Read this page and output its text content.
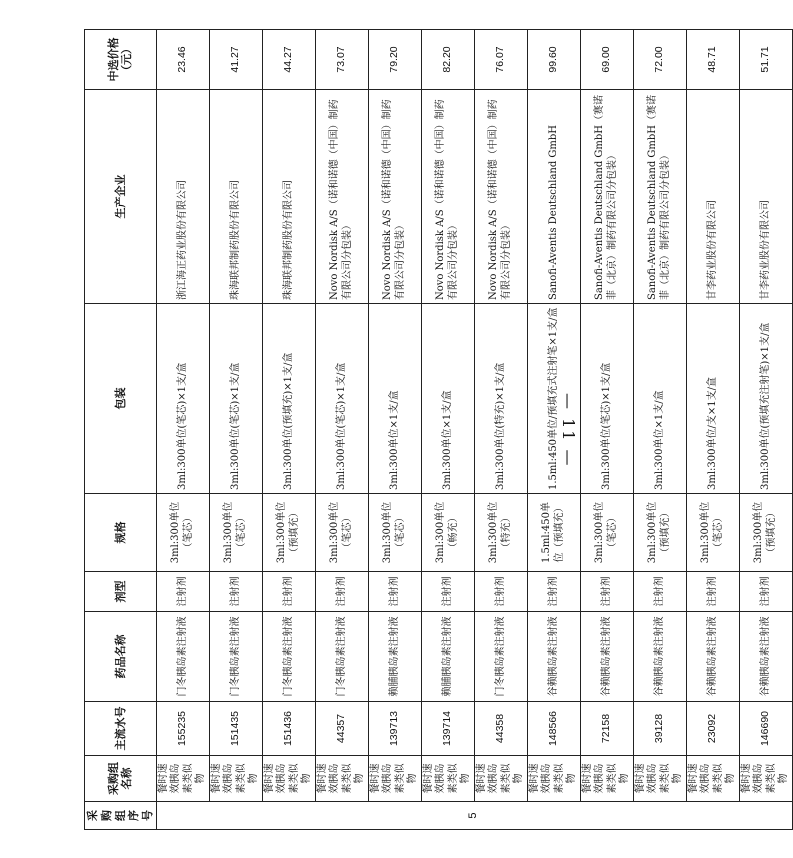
采购组序号	采购组名称	主流水号	药品名称	剂型	规格	包装	生产企业	中选价格（元）
5	餐时速效胰岛素类似物	155235	门冬胰岛素注射液	注射剂	3ml:300单位（笔芯）	3ml:300单位(笔芯)×1支/盒	浙江海正药业股份有限公司	23.46
	餐时速效胰岛素类似物	151435	门冬胰岛素注射液	注射剂	3ml:300单位（笔芯）	3ml:300单位(笔芯)×1支/盒	珠海联邦制药股份有限公司	41.27
	餐时速效胰岛素类似物	151436	门冬胰岛素注射液	注射剂	3ml:300单位（预填充）	3ml:300单位(预填充)×1支/盒	珠海联邦制药股份有限公司	44.27
	餐时速效胰岛素类似物	44357	门冬胰岛素注射液	注射剂	3ml:300单位（笔芯）	3ml:300单位(笔芯)×1支/盒	Novo Nordisk A/S（诺和诺德（中国）制药有限公司分包装）	73.07
	餐时速效胰岛素类似物	139713	赖脯胰岛素注射液	注射剂	3ml:300单位（笔芯）	3ml:300单位×1支/盒	Novo Nordisk A/S（诺和诺德（中国）制药有限公司分包装）	79.20
	餐时速效胰岛素类似物	139714	赖脯胰岛素注射液	注射剂	3ml:300单位（畅充）	3ml:300单位×1支/盒	Novo Nordisk A/S（诺和诺德（中国）制药有限公司分包装）	82.20
	餐时速效胰岛素类似物	44358	门冬胰岛素注射液	注射剂	3ml:300单位（特充）	3ml:300单位(特充)×1支/盒	Novo Nordisk A/S（诺和诺德（中国）制药有限公司分包装）	76.07
	餐时速效胰岛素类似物	148566	谷赖胰岛素注射液	注射剂	1.5ml:450单位（预填充）	1.5ml:450单位/预填充式注射笔×1支/盒	Sanofi-Aventis Deutschland GmbH	99.60
	餐时速效胰岛素类似物	72158	谷赖胰岛素注射液	注射剂	3ml:300单位（笔芯）	3ml:300单位(笔芯)×1支/盒	Sanofi-Aventis Deutschland GmbH（赛诺菲（北京）制药有限公司分包装）	69.00
	餐时速效胰岛素类似物	39128	谷赖胰岛素注射液	注射剂	3ml:300单位（预填充）	3ml:300单位×1支/盒	Sanofi-Aventis Deutschland GmbH（赛诺菲（北京）制药有限公司分包装）	72.00
	餐时速效胰岛素类似物	23092	谷赖胰岛素注射液	注射剂	3ml:300单位（笔芯）	3ml:300单位/支×1支/盒	甘李药业股份有限公司	48.71
	餐时速效胰岛素类似物	146690	谷赖胰岛素注射液	注射剂	3ml:300单位（预填充）	3ml:300单位(预填充注射笔)×1支/盒	甘李药业股份有限公司	51.71
— 11 —
